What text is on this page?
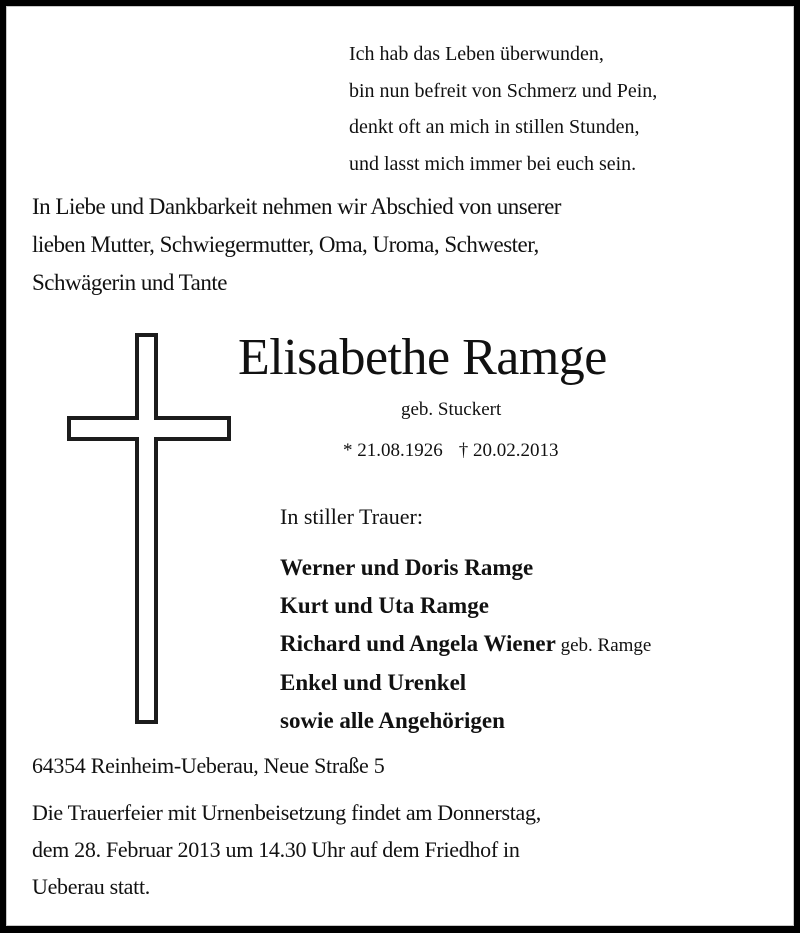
Ich hab das Leben überwunden,
bin nun befreit von Schmerz und Pein,
denkt oft an mich in stillen Stunden,
und lasst mich immer bei euch sein.
In Liebe und Dankbarkeit nehmen wir Abschied von unserer
lieben Mutter, Schwiegermutter, Oma, Uroma, Schwester,
Schwägerin und Tante
Elisabethe Ramge
geb. Stuckert
* 21.08.1926 † 20.02.2013
In stiller Trauer:
Werner und Doris Ramge
Kurt und Uta Ramge
Richard und Angela Wiener geb. Ramge
Enkel und Urenkel
sowie alle Angehörigen
64354 Reinheim-Ueberau, Neue Straße 5
Die Trauerfeier mit Urnenbeisetzung findet am Donnerstag,
dem 28. Februar 2013 um 14.30 Uhr auf dem Friedhof in
Ueberau statt.
